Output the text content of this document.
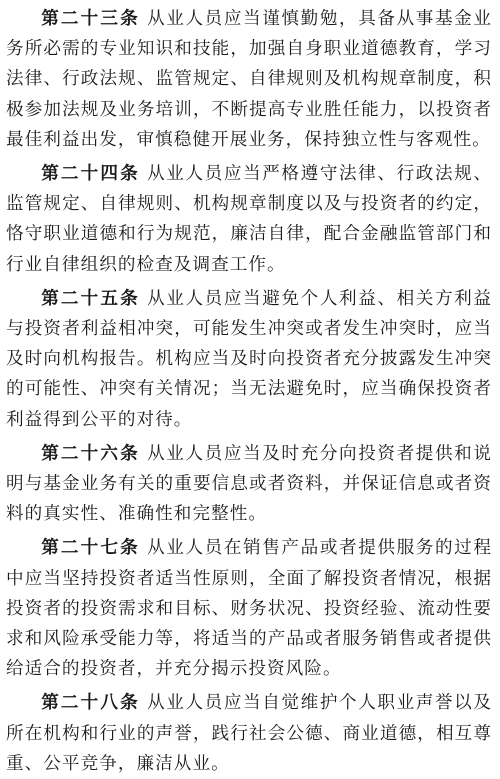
第二十三条 从业人员应当谨慎勤勉，具备从事基金业务所必需的专业知识和技能，加强自身职业道德教育，学习法律、行政法规、监管规定、自律规则及机构规章制度，积极参加法规及业务培训，不断提高专业胜任能力，以投资者最佳利益出发，审慎稳健开展业务，保持独立性与客观性。

第二十四条 从业人员应当严格遵守法律、行政法规、监管规定、自律规则、机构规章制度以及与投资者的约定，恪守职业道德和行为规范，廉洁自律，配合金融监管部门和行业自律组织的检查及调查工作。

第二十五条 从业人员应当避免个人利益、相关方利益与投资者利益相冲突，可能发生冲突或者发生冲突时，应当及时向机构报告。机构应当及时向投资者充分披露发生冲突的可能性、冲突有关情况；当无法避免时，应当确保投资者利益得到公平的对待。

第二十六条 从业人员应当及时充分向投资者提供和说明与基金业务有关的重要信息或者资料，并保证信息或者资料的真实性、准确性和完整性。

第二十七条 从业人员在销售产品或者提供服务的过程中应当坚持投资者适当性原则，全面了解投资者情况，根据投资者的投资需求和目标、财务状况、投资经验、流动性要求和风险承受能力等，将适当的产品或者服务销售或者提供给适合的投资者，并充分揭示投资风险。

第二十八条 从业人员应当自觉维护个人职业声誉以及所在机构和行业的声誉，践行社会公德、商业道德，相互尊重、公平竞争，廉洁从业。
